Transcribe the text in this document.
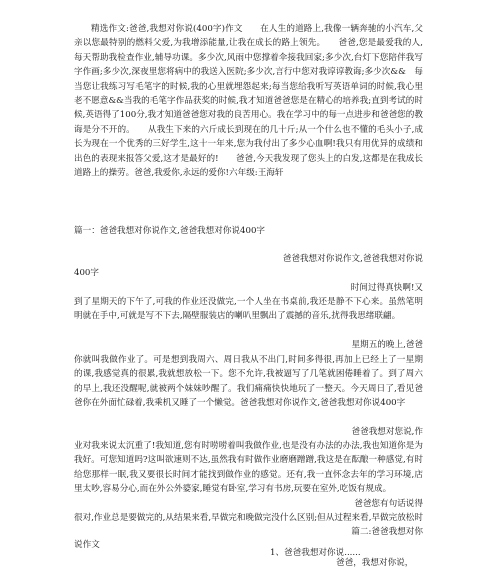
精选作文:爸爸,我想对你说(400字)作文　　在人生的道路上,我像一辆奔驰的小汽车,父亲以您最特别的燃料父爱,为我增添能量,让我在成长的路上领先。　　爸爸,您是最爱我的人,每天帮助我检查作业,辅导功课。多少次,风雨中您撑着伞接我回家;多少次,台灯下您陪伴我写字作画;多少次,深夜里您将病中的我送入医院;多少次,言行中您对我谆谆教诲;多少次&&　每当您让我练习写毛笔字的时候,我的心里就埋怨起来;每当您给我听写英语单词的时候,我心里老不愿意&&当我的毛笔字作品获奖的时候,我才知道爸爸您是在精心的培养我;直到考试的时候,英语得了100分,我才知道爸爸您对我的良苦用心。我在学习中的每一点进步和爸爸您的教诲是分不开的。　　从我生下来的六斤成长到现在的几十斤;从一个什么也不懂的毛头小子,成长为现在一个优秀的三好学生,这十一年来,您为我付出了多少心血啊!我只有用优异的成绩和出色的表现来报答父爱,这才是最好的!　　爸爸,今天我发现了您头上的白发,这都是在我成长道路上的操劳。爸爸,我爱你,永远的爱你!六年级:王海轩
篇一：爸爸我想对你说作文,爸爸我想对你说400字
爸爸我想对你说作文,爸爸我想对你说
400字
时间过得真快啊!又
到了星期天的下午了,可我的作业还没做完,一个人坐在书桌前,我还是静不下心来。虽然笔明明就在手中,可就是写不下去,隔壁服装店的喇叭里飘出了震撼的音乐,扰得我思绪联翩。
星期五的晚上,爸爸
你就叫我做作业了。可是想到我周六、周日我从不出门,时间多得很,再加上已经上了一星期的课,我感觉真的很累,我就想放松一下。您不允许,我被逼写了几笔就困倦睡着了。到了周六的早上,我还没醒呢,就被两个妹妹吵醒了。我们痛痛快快地玩了一整天。今天周日了,看见爸爸你在外面忙碌着,我乘机又睡了一个懒觉。爸爸我想对你说作文,爸爸我想对你说400字
爸爸我想对您说,作
业对我来说太沉重了!我知道,您有时唠唠着叫我做作业,也是没有办法的办法,我也知道你是为我好。可您知道吗?这叫欲速则不达,虽然我有时做作业磨磨蹭蹭,我这是在酝酿一种感觉,有时给您那样一眠,我又要很长时间才能找到做作业的感觉。还有,我一直怀念去年的学习环境,店里太吵,容易分心,而在外公外婆家,睡觉有卧室,学习有书房,玩要在室外,吃饭有规成。
爸爸您有句话说得
很对,作业总是要做完的,从结果来看,早做完和晚做完没什么区别;但从过程来看,早做完放松时　　
篇二:爸爸我想对你
说作文
1、爸爸我想对你说......
爸爸，我想对你说，
